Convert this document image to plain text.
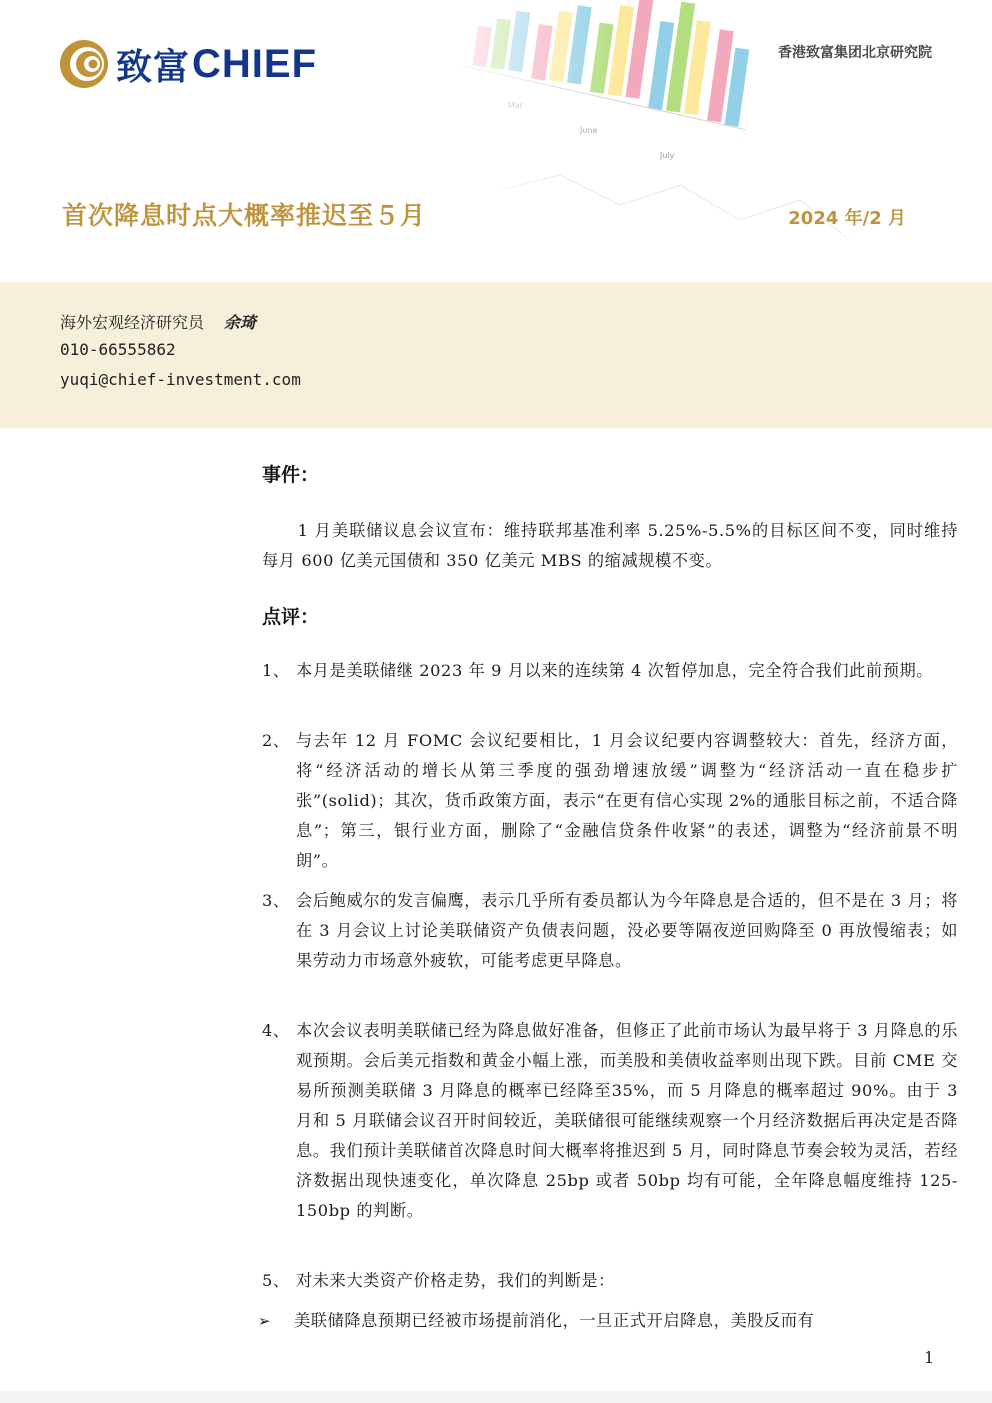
致富 CHIEF	香港致富集团北京研究院
首次降息时点大概率推迟至５月	2024 年/2 月
海外宏观经济研究员 余琦
010-66555862
yuqi@chief-investment.com
事件：

1 月美联储议息会议宣布：维持联邦基准利率 5.25%-5.5%的目标区间不变，同时维持每月 600 亿美元国债和 350 亿美元 MBS 的缩减规模不变。

点评：
1、 本月是美联储继 2023 年 9 月以来的连续第 4 次暂停加息，完全符合我们此前预期。
2、 与去年 12 月 FOMC 会议纪要相比，1 月会议纪要内容调整较大：首先，经济方面，将“经济活动的增长从第三季度的强劲增速放缓”调整为“经济活动一直在稳步扩张”(solid)；其次，货币政策方面，表示“在更有信心实现 2%的通胀目标之前，不适合降息”；第三，银行业方面，删除了“金融信贷条件收紧”的表述，调整为“经济前景不明朗”。
3、 会后鲍威尔的发言偏鹰，表示几乎所有委员都认为今年降息是合适的，但不是在 3 月；将在 3 月会议上讨论美联储资产负债表问题，没必要等隔夜逆回购降至 0 再放慢缩表；如果劳动力市场意外疲软，可能考虑更早降息。
4、 本次会议表明美联储已经为降息做好准备，但修正了此前市场认为最早将于 3 月降息的乐观预期。会后美元指数和黄金小幅上涨，而美股和美债收益率则出现下跌。目前 CME 交易所预测美联储 3 月降息的概率已经降至35%，而 5 月降息的概率超过 90%。由于 3 月和 5 月联储会议召开时间较近，美联储很可能继续观察一个月经济数据后再决定是否降息。我们预计美联储首次降息时间大概率将推迟到 5 月，同时降息节奏会较为灵活，若经济数据出现快速变化，单次降息 25bp 或者 50bp 均有可能，全年降息幅度维持 125-150bp 的判断。
5、 对未来大类资产价格走势，我们的判断是：
➢ 美联储降息预期已经被市场提前消化，一旦正式开启降息，美股反而有
1
